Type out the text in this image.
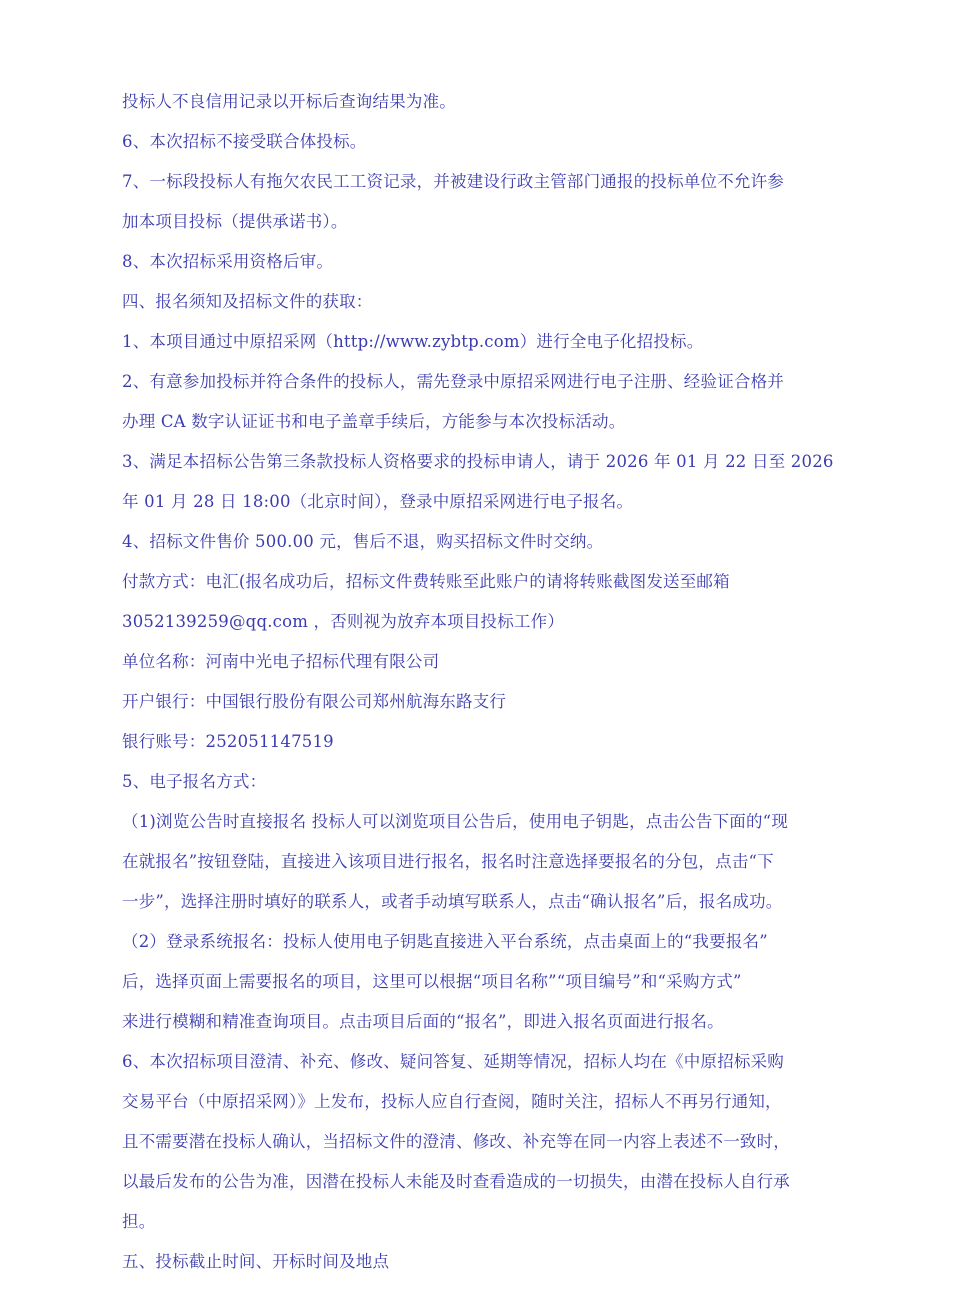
投标人不良信用记录以开标后查询结果为准。
6、本次招标不接受联合体投标。
7、一标段投标人有拖欠农民工工资记录，并被建设行政主管部门通报的投标单位不允许参
加本项目投标（提供承诺书）。
8、本次招标采用资格后审。
四、报名须知及招标文件的获取：
1、本项目通过中原招采网（http://www.zybtp.com）进行全电子化招投标。
2、有意参加投标并符合条件的投标人，需先登录中原招采网进行电子注册、经验证合格并
办理 CA 数字认证证书和电子盖章手续后，方能参与本次投标活动。
3、满足本招标公告第三条款投标人资格要求的投标申请人，请于 2026 年 01 月 22 日至 2026
年 01 月 28 日 18:00（北京时间），登录中原招采网进行电子报名。
4、招标文件售价 500.00 元，售后不退，购买招标文件时交纳。
付款方式：电汇(报名成功后，招标文件费转账至此账户的请将转账截图发送至邮箱
3052139259@qq.com ，否则视为放弃本项目投标工作）
单位名称：河南中光电子招标代理有限公司
开户银行：中国银行股份有限公司郑州航海东路支行
银行账号：252051147519
5、电子报名方式：
（1)浏览公告时直接报名 投标人可以浏览项目公告后，使用电子钥匙，点击公告下面的“现
在就报名”按钮登陆，直接进入该项目进行报名，报名时注意选择要报名的分包，点击“下
一步”，选择注册时填好的联系人，或者手动填写联系人，点击“确认报名”后，报名成功。
（2）登录系统报名：投标人使用电子钥匙直接进入平台系统，点击桌面上的“我要报名”
后，选择页面上需要报名的项目，这里可以根据“项目名称”“项目编号”和“采购方式”
来进行模糊和精准查询项目。点击项目后面的“报名”，即进入报名页面进行报名。
6、本次招标项目澄清、补充、修改、疑问答复、延期等情况，招标人均在《中原招标采购
交易平台（中原招采网）》上发布，投标人应自行查阅，随时关注，招标人不再另行通知，
且不需要潜在投标人确认，当招标文件的澄清、修改、补充等在同一内容上表述不一致时，
以最后发布的公告为准，因潜在投标人未能及时查看造成的一切损失，由潜在投标人自行承
担。
五、投标截止时间、开标时间及地点
